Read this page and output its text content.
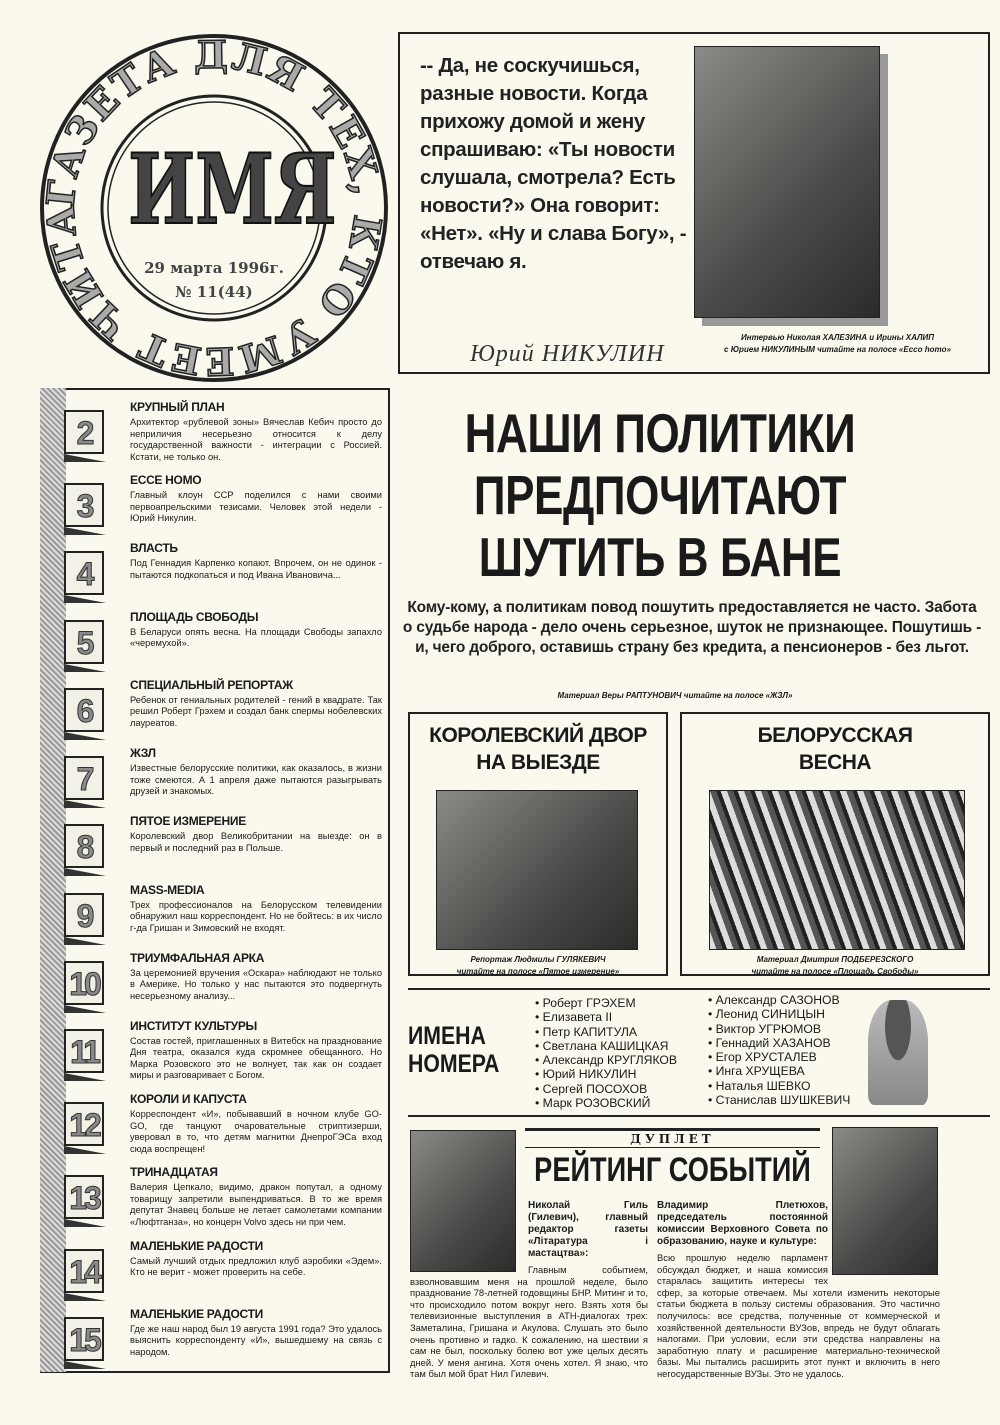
ГАЗЕТА ДЛЯ ТЕХ, КТО УМЕЕТ ЧИТА ИМЯ
29 марта 1996г.
№ 11(44)
-- Да, не соскучишься, разные новости. Когда прихожу домой и жену спрашиваю: «Ты новости слушала, смотрела? Есть новости?» Она говорит: «Нет». «Ну и слава Богу», - отвечаю я.
Юрий НИКУЛИН
Интервью Николая ХАЛЕЗИНА и Ирины ХАЛИП
с Юрием НИКУЛИНЫМ читайте на полосе «Ecco homo»
2
КРУПНЫЙ ПЛАН

Архитектор «рублевой зоны» Вячеслав Кебич просто до неприличия несерьезно относится к делу государственной важности - интеграции с Россией. Кстати, не только он.

3
ECCE HOMO

Главный клоун ССР поделился с нами своими первоапрельскими тезисами. Человек этой недели - Юрий Никулин.

4
ВЛАСТЬ

Под Геннадия Карпенко копают. Впрочем, он не одинок - пытаются подкопаться и под Ивана Ивановича...

5
ПЛОЩАДЬ СВОБОДЫ

В Беларуси опять весна. На площади Свободы запахло «черемухой».

6
СПЕЦИАЛЬНЫЙ РЕПОРТАЖ

Ребенок от гениальных родителей - гений в квадрате. Так решил Роберт Грэхем и создал банк спермы нобелевских лауреатов.

7
ЖЗЛ

Известные белорусские политики, как оказалось, в жизни тоже смеются. А 1 апреля даже пытаются разыгрывать друзей и знакомых.

8
ПЯТОЕ ИЗМЕРЕНИЕ

Королевский двор Великобритании на выезде: он в первый и последний раз в Польше.

9
MASS-MEDIA

Трех профессионалов на Белорусском телевидении обнаружил наш корреспондент. Но не бойтесь: в их число г-да Гришан и Зимовский не входят.

10
ТРИУМФАЛЬНАЯ АРКА

За церемонией вручения «Оскара» наблюдают не только в Америке. Но только у нас пытаются это подвергнуть несерьезному анализу...

11
ИНСТИТУТ КУЛЬТУРЫ

Состав гостей, приглашенных в Витебск на празднование Дня театра, оказался куда скромнее обещанного. Но Марка Розовского это не волнует, так как он создает миры и разговаривает с Богом.

12
КОРОЛИ И КАПУСТА

Корреспондент «И», побывавший в ночном клубе GO-GO, где танцуют очаровательные стриптизерши, уверовал в то, что детям магнитки ДнепроГЭСа вход сюда воспрещен!

13
ТРИНАДЦАТАЯ

Валерия Цепкало, видимо, дракон попутал, а одному товарищу запретили выпендриваться. В то же время депутат Знавец больше не летает самолетами компании «Люфтганза», но концерн Volvo здесь ни при чем.

14
МАЛЕНЬКИЕ РАДОСТИ

Самый лучший отдых предложил клуб аэробики «Эдем». Кто не верит - может проверить на себе.

15
МАЛЕНЬКИЕ РАДОСТИ

Где же наш народ был 19 августа 1991 года? Это удалось выяснить корреспонденту «И», вышедшему на связь с народом.

НАШИ ПОЛИТИКИ
ПРЕДПОЧИТАЮТ
ШУТИТЬ В БАНЕ
Кому-кому, а политикам повод пошутить предоставляется не часто. Забота о судьбе народа - дело очень серьезное, шуток не признающее. Пошутишь - и, чего доброго, оставишь страну без кредита, а пенсионеров - без льгот.
Материал Веры РАПТУНОВИЧ читайте на полосе «ЖЗЛ»
КОРОЛЕВСКИЙ ДВОР
НА ВЫЕЗДЕ
Репортаж Людмилы ГУЛЯКЕВИЧ
читайте на полосе «Пятое измерение»
БЕЛОРУССКАЯ
ВЕСНА
Материал Дмитрия ПОДБЕРЕЗСКОГО
читайте на полосе «Площадь Свободы»
ИМЕНА
НОМЕРА
• Роберт ГРЭХЕМ
• Елизавета II
• Петр КАПИТУЛА
• Светлана КАШИЦКАЯ
• Александр КРУГЛЯКОВ
• Юрий НИКУЛИН
• Сергей ПОСОХОВ
• Марк РОЗОВСКИЙ
• Александр САЗОНОВ
• Леонид СИНИЦЫН
• Виктор УГРЮМОВ
• Геннадий ХАЗАНОВ
• Егор ХРУСТАЛЕВ
• Инга ХРУЩЕВА
• Наталья ШЕВКО
• Станислав ШУШКЕВИЧ
ДУПЛЕТ
РЕЙТИНГ СОБЫТИЙ
Николай Гиль (Гилевич), главный редактор газеты «Літаратура і мастацтва»:
Главным событием, взволновавшим меня на прошлой неделе, было празднование 78-летней годовщины БНР. Митинг и то, что происходило потом вокруг него. Взять хотя бы телевизионные выступления в АТН-диалогах трех: Заметалина, Гришана и Акулова. Слушать это было очень противно и гадко. К сожалению, на шествии я сам не был, поскольку болею вот уже целых десять дней. У меня ангина. Хотя очень хотел. Я знаю, что там был мой брат Нил Гилевич.
Владимир Плетюхов, председатель постоянной комиссии Верховного Совета по образованию, науке и культуре:
Всю прошлую неделю парламент обсуждал бюджет, и наша комиссия старалась защитить интересы тех сфер, за которые отвечаем. Мы хотели изменить некоторые статьи бюджета в пользу системы образования. Это частично получилось: все средства, полученные от коммерческой и хозяйственной деятельности ВУЗов, впредь не будут облагать налогами. При условии, если эти средства направлены на заработную плату и расширение материально-технической базы. Мы пытались расширить этот пункт и включить в него негосударственные ВУЗы. Это не удалось.
